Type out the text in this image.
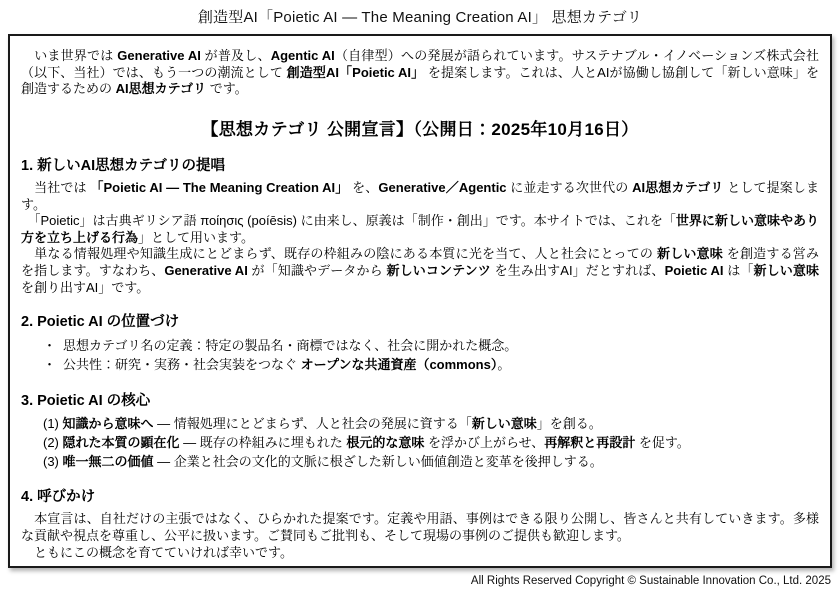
創造型AI「Poietic AI — The Meaning Creation AI」 思想カテゴリ

　いま世界では Generative AI が普及し、Agentic AI（自律型）への発展が語られています。サステナブル・イノベーションズ株式会社（以下、当社）では、もう一つの潮流として 創造型AI「Poietic AI」 を提案します。これは、人とAIが協働し協創して「新しい意味」を創造するための AI思想カテゴリ です。

【思想カテゴリ 公開宣言】（公開日：2025年10月16日）
1. 新しいAI思想カテゴリの提唱

　当社では 「Poietic AI — The Meaning Creation AI」 を、Generative／Agentic に並走する次世代の AI思想カテゴリ として提案します。

　「Poietic」は古典ギリシア語 ποίησις (poíēsis) に由来し、原義は「制作・創出」です。本サイトでは、これを「世界に新しい意味やあり方を立ち上げる行為」として用います。

　単なる情報処理や知識生成にとどまらず、既存の枠組みの陰にある本質に光を当て、人と社会にとっての 新しい意味 を創造する営みを指します。すなわち、Generative AI が「知識やデータから 新しいコンテンツ を生み出すAI」だとすれば、Poietic AI は「新しい意味 を創り出すAI」です。

2. Poietic AI の位置づけ
・ 思想カテゴリ名の定義：特定の製品名・商標ではなく、社会に開かれた概念。
・ 公共性：研究・実務・社会実装をつなぐ オープンな共通資産（commons）。
3. Poietic AI の核心
(1) 知識から意味へ — 情報処理にとどまらず、人と社会の発展に資する「新しい意味」を創る。
(2) 隠れた本質の顕在化 — 既存の枠組みに埋もれた 根元的な意味 を浮かび上がらせ、再解釈と再設計 を促す。
(3) 唯一無二の価値 — 企業と社会の文化的文脈に根ざした新しい価値創造と変革を後押しする。
4. 呼びかけ

　本宣言は、自社だけの主張ではなく、ひらかれた提案です。定義や用語、事例はできる限り公開し、皆さんと共有していきます。多様な貢献や視点を尊重し、公平に扱います。ご賛同もご批判も、そして現場の事例のご提供も歓迎します。

　ともにこの概念を育てていければ幸いです。

All Rights Reserved Copyright © Sustainable Innovation Co., Ltd. 2025
